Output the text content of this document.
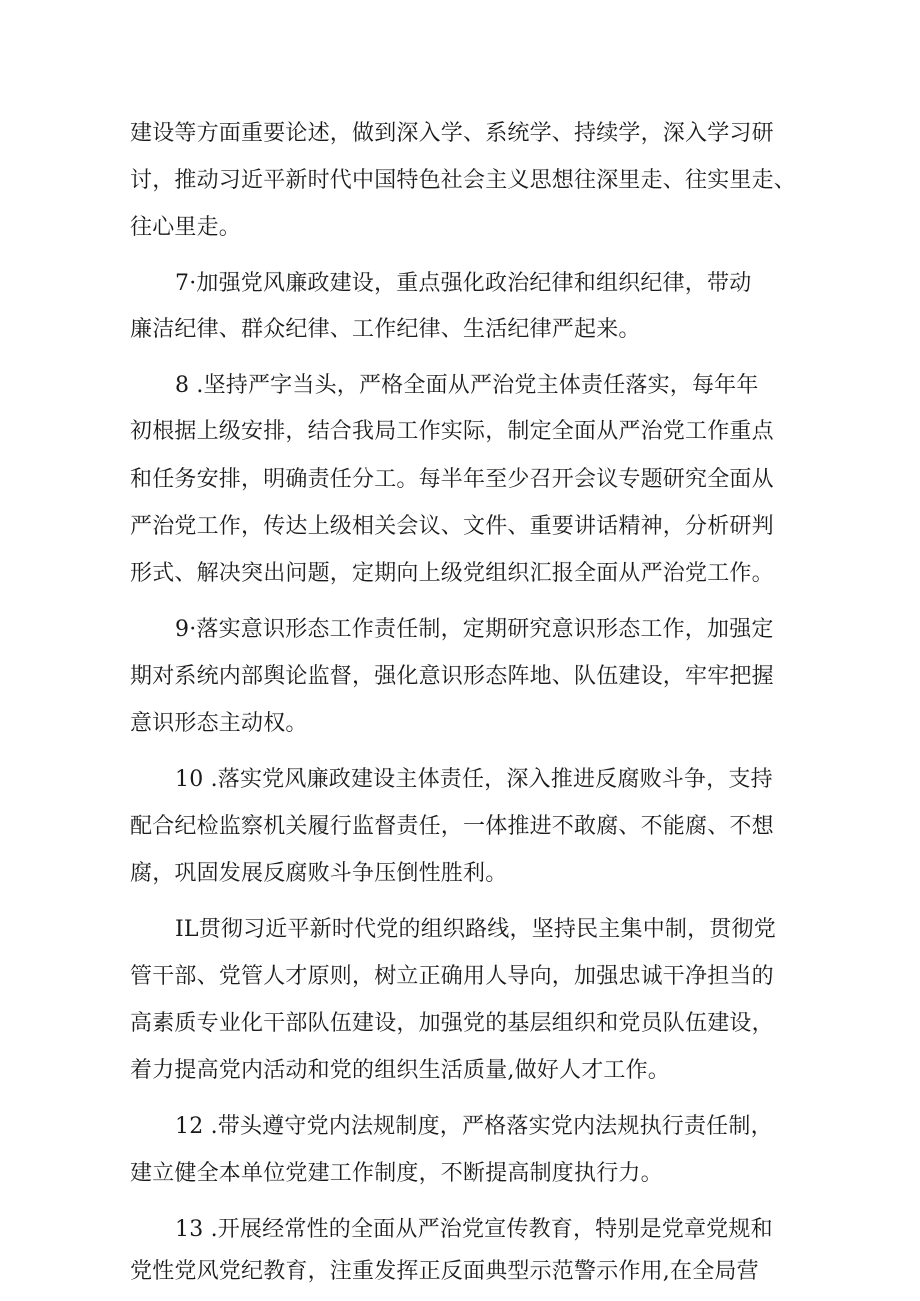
建设等方面重要论述，做到深入学、系统学、持续学，深入学习研
讨，推动习近平新时代中国特色社会主义思想往深里走、往实里走、
往心里走。
7·加强党风廉政建设，重点强化政治纪律和组织纪律，带动
廉洁纪律、群众纪律、工作纪律、生活纪律严起来。
8 .坚持严字当头，严格全面从严治党主体责任落实，每年年
初根据上级安排，结合我局工作实际，制定全面从严治党工作重点
和任务安排，明确责任分工。每半年至少召开会议专题研究全面从
严治党工作，传达上级相关会议、文件、重要讲话精神，分析研判
形式、解决突出问题，定期向上级党组织汇报全面从严治党工作。
9·落实意识形态工作责任制，定期研究意识形态工作，加强定
期对系统内部舆论监督，强化意识形态阵地、队伍建设，牢牢把握
意识形态主动权。
10 .落实党风廉政建设主体责任，深入推进反腐败斗争，支持
配合纪检监察机关履行监督责任，一体推进不敢腐、不能腐、不想
腐，巩固发展反腐败斗争压倒性胜利。
IL贯彻习近平新时代党的组织路线，坚持民主集中制，贯彻党
管干部、党管人才原则，树立正确用人导向，加强忠诚干净担当的
高素质专业化干部队伍建设，加强党的基层组织和党员队伍建设，
着力提高党内活动和党的组织生活质量,做好人才工作。
12 .带头遵守党内法规制度，严格落实党内法规执行责任制，
建立健全本单位党建工作制度，不断提高制度执行力。
13 .开展经常性的全面从严治党宣传教育，特别是党章党规和
党性党风党纪教育，注重发挥正反面典型示范警示作用,在全局营
